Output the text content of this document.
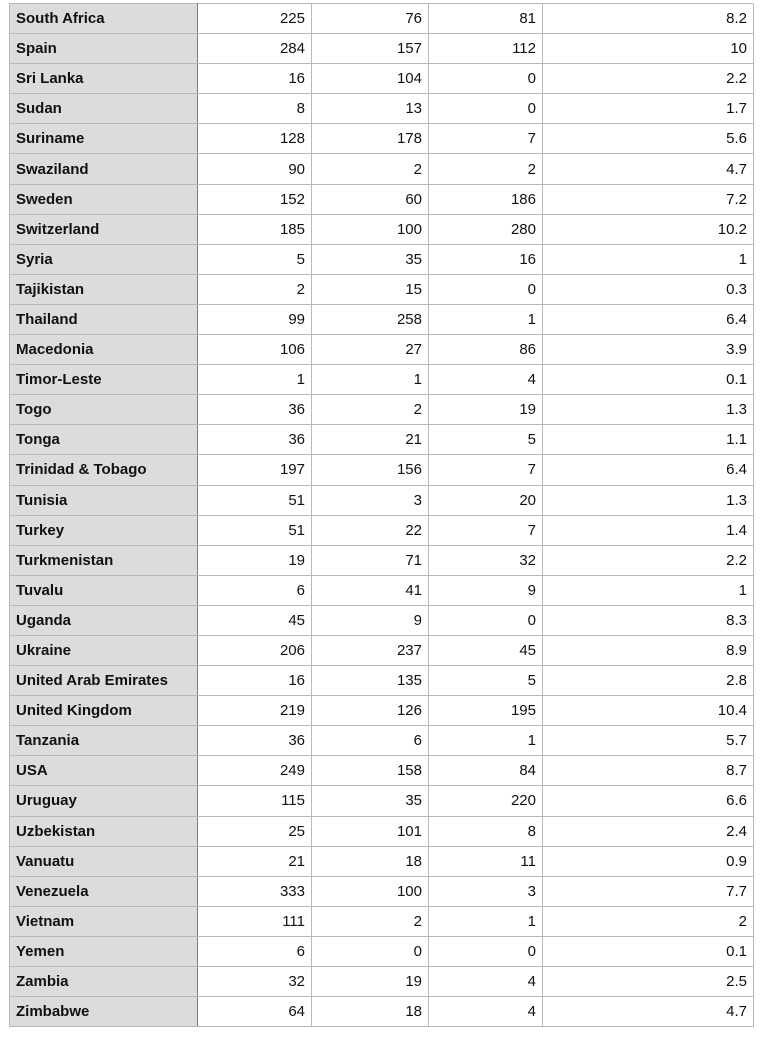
South Africa	225	76	81	8.2
Spain	284	157	112	10
Sri Lanka	16	104	0	2.2
Sudan	8	13	0	1.7
Suriname	128	178	7	5.6
Swaziland	90	2	2	4.7
Sweden	152	60	186	7.2
Switzerland	185	100	280	10.2
Syria	5	35	16	1
Tajikistan	2	15	0	0.3
Thailand	99	258	1	6.4
Macedonia	106	27	86	3.9
Timor-Leste	1	1	4	0.1
Togo	36	2	19	1.3
Tonga	36	21	5	1.1
Trinidad & Tobago	197	156	7	6.4
Tunisia	51	3	20	1.3
Turkey	51	22	7	1.4
Turkmenistan	19	71	32	2.2
Tuvalu	6	41	9	1
Uganda	45	9	0	8.3
Ukraine	206	237	45	8.9
United Arab Emirates	16	135	5	2.8
United Kingdom	219	126	195	10.4
Tanzania	36	6	1	5.7
USA	249	158	84	8.7
Uruguay	115	35	220	6.6
Uzbekistan	25	101	8	2.4
Vanuatu	21	18	11	0.9
Venezuela	333	100	3	7.7
Vietnam	111	2	1	2
Yemen	6	0	0	0.1
Zambia	32	19	4	2.5
Zimbabwe	64	18	4	4.7
